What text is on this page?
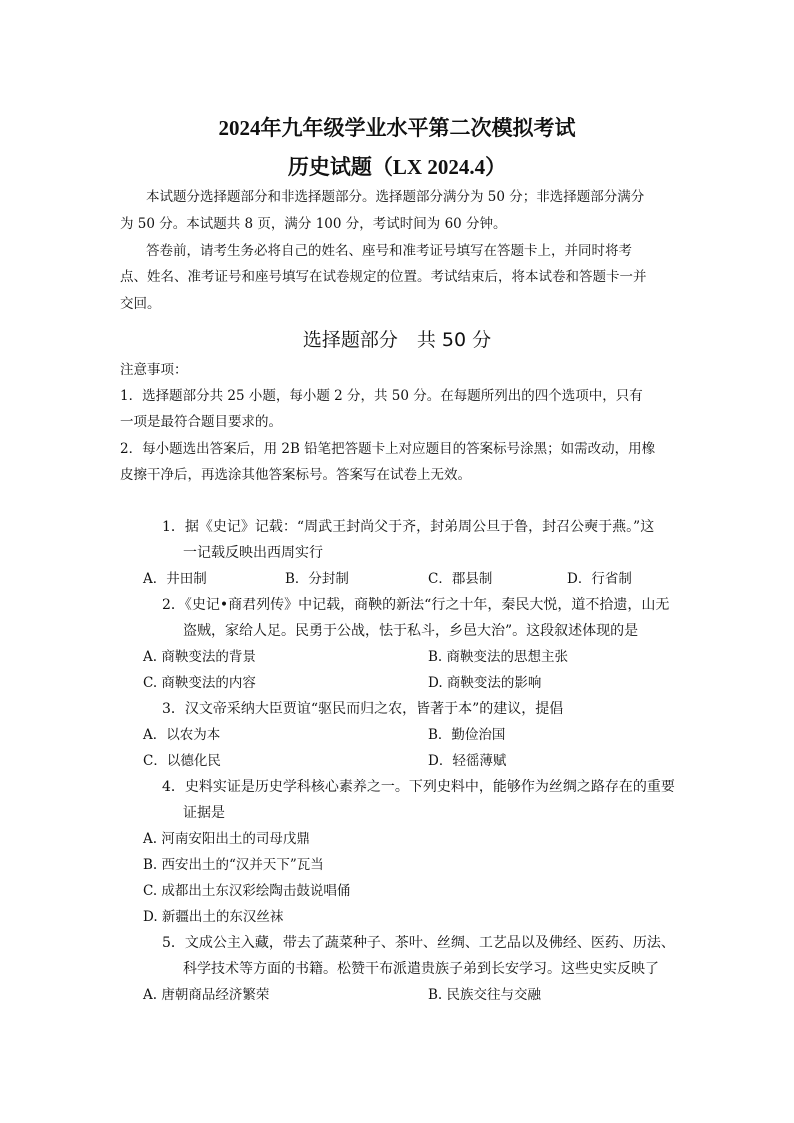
2024年九年级学业水平第二次模拟考试
历史试题（LX 2024.4）
本试题分选择题部分和非选择题部分。选择题部分满分为 50 分；非选择题部分满分
为 50 分。本试题共 8 页，满分 100 分，考试时间为 60 分钟。
答卷前，请考生务必将自己的姓名、座号和准考证号填写在答题卡上，并同时将考
点、姓名、准考证号和座号填写在试卷规定的位置。考试结束后，将本试卷和答题卡一并
交回。
选择题部分　共 50 分
注意事项：
1．选择题部分共 25 小题，每小题 2 分，共 50 分。在每题所列出的四个选项中，只有
一项是最符合题目要求的。
2．每小题选出答案后，用 2B 铅笔把答题卡上对应题目的答案标号涂黑；如需改动，用橡
皮擦干净后，再选涂其他答案标号。答案写在试卷上无效。
1．据《史记》记载：“周武王封尚父于齐，封弟周公旦于鲁，封召公奭于燕。”这
一记载反映出西周实行
A．井田制	B．分封制	C．郡县制	D．行省制
2．《史记•商君列传》中记载，商鞅的新法“行之十年，秦民大悦，道不拾遗，山无
盗贼，家给人足。民勇于公战，怯于私斗，乡邑大治”。这段叙述体现的是
A. 商鞅变法的背景	B. 商鞅变法的思想主张
C. 商鞅变法的内容	D. 商鞅变法的影响
3．汉文帝采纳大臣贾谊“驱民而归之农，皆著于本”的建议，提倡
A．以农为本	B．勤俭治国
C．以德化民	D．轻徭薄赋
4．史料实证是历史学科核心素养之一。下列史料中，能够作为丝绸之路存在的重要
证据是
A. 河南安阳出土的司母戊鼎
B. 西安出土的“汉并天下”瓦当
C. 成都出土东汉彩绘陶击鼓说唱俑
D. 新疆出土的东汉丝袜
5．文成公主入藏，带去了蔬菜种子、茶叶、丝绸、工艺品以及佛经、医药、历法、
科学技术等方面的书籍。松赞干布派遣贵族子弟到长安学习。这些史实反映了
A. 唐朝商品经济繁荣	B. 民族交往与交融
